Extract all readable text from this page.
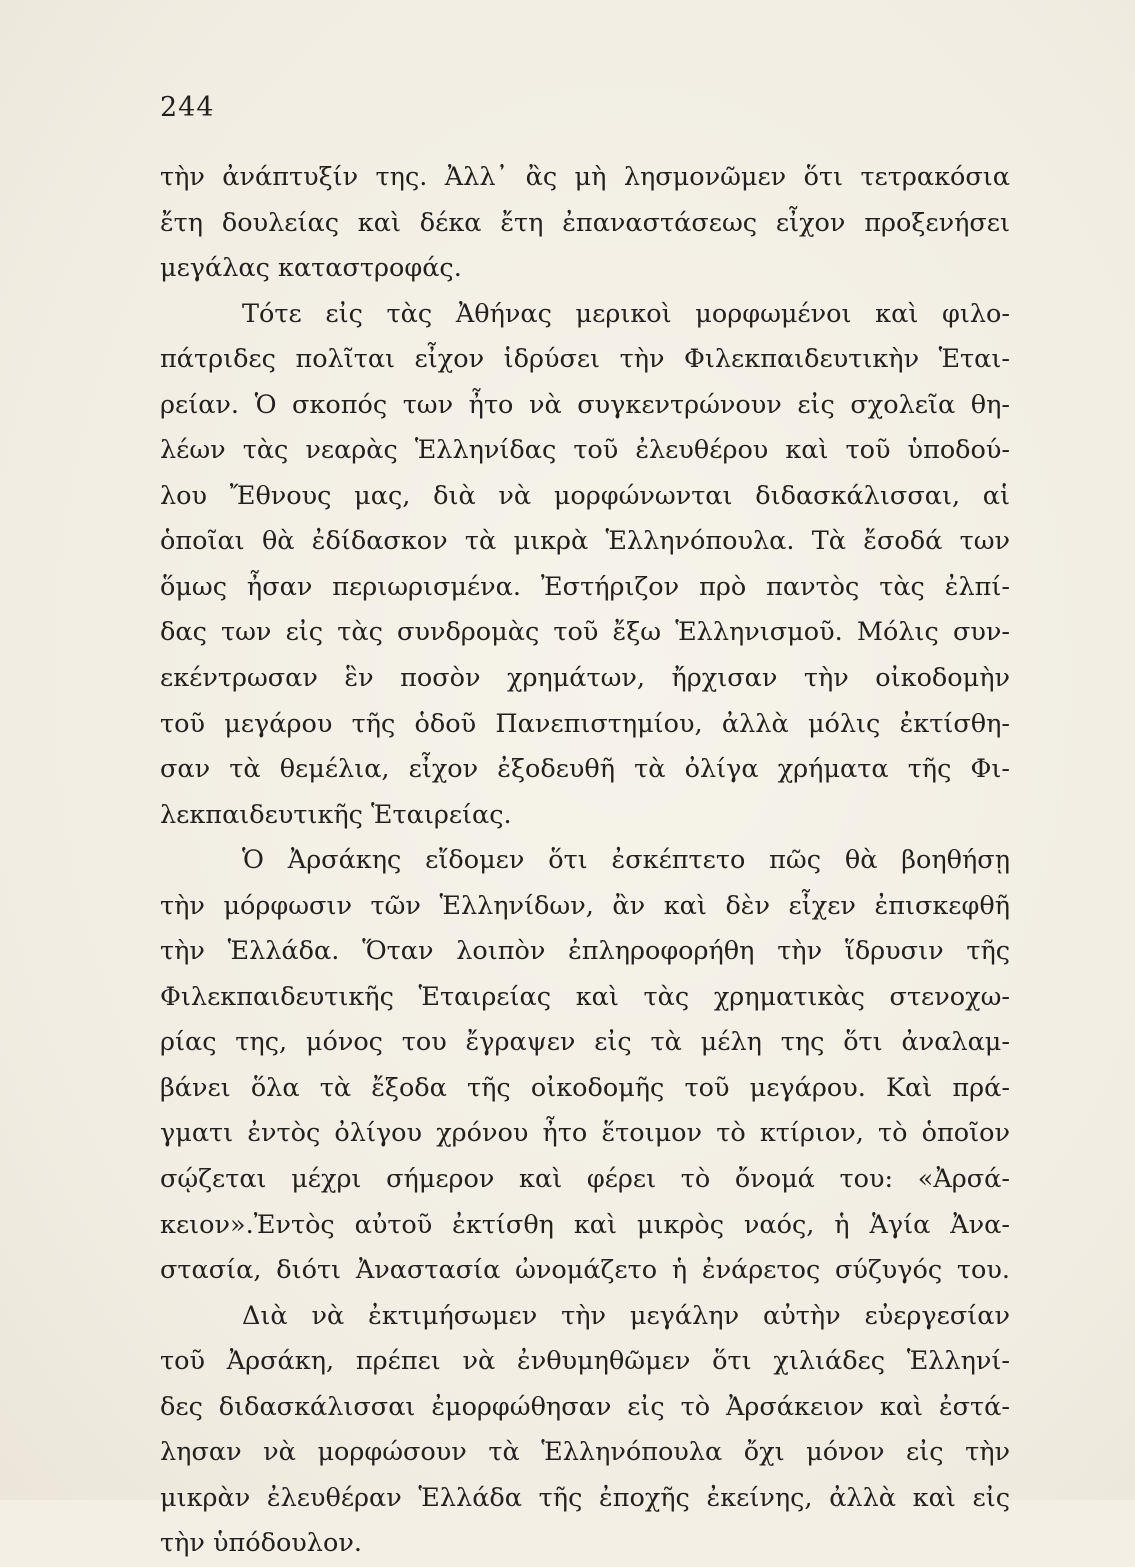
244
τὴν ἀνάπτυξίν της. Ἀλλ᾽ ἂς μὴ λησμονῶμεν ὅτι τετρακόσια
ἔτη δουλείας καὶ δέκα ἔτη ἐπαναστάσεως εἶχον προξενήσει
μεγάλας καταστροφάς.
Τότε εἰς τὰς Ἀθήνας μερικοὶ μορφωμένοι καὶ φιλο-
πάτριδες πολῖται εἶχον ἱδρύσει τὴν Φιλεκπαιδευτικὴν Ἑται-
ρείαν. Ὁ σκοπός των ἦτο νὰ συγκεντρώνουν εἰς σχολεῖα θη-
λέων τὰς νεαρὰς Ἑλληνίδας τοῦ ἐλευθέρου καὶ τοῦ ὑποδού-
λου Ἔθνους μας, διὰ νὰ μορφώνωνται διδασκάλισσαι, αἱ
ὁποῖαι θὰ ἐδίδασκον τὰ μικρὰ Ἑλληνόπουλα. Τὰ ἔσοδά των
ὅμως ἦσαν περιωρισμένα. Ἐστήριζον πρὸ παντὸς τὰς ἐλπί-
δας των εἰς τὰς συνδρομὰς τοῦ ἔξω Ἑλληνισμοῦ. Μόλις συν-
εκέντρωσαν ἓν ποσὸν χρημάτων, ἤρχισαν τὴν οἰκοδομὴν
τοῦ μεγάρου τῆς ὁδοῦ Πανεπιστημίου, ἀλλὰ μόλις ἐκτίσθη-
σαν τὰ θεμέλια, εἶχον ἐξοδευθῆ τὰ ὀλίγα χρήματα τῆς Φι-
λεκπαιδευτικῆς Ἑταιρείας.
Ὁ Ἀρσάκης εἴδομεν ὅτι ἐσκέπτετο πῶς θὰ βοηθήσῃ
τὴν μόρφωσιν τῶν Ἑλληνίδων, ἂν καὶ δὲν εἶχεν ἐπισκεφθῆ
τὴν Ἑλλάδα. Ὅταν λοιπὸν ἐπληροφορήθη τὴν ἵδρυσιν τῆς
Φιλεκπαιδευτικῆς Ἑταιρείας καὶ τὰς χρηματικὰς στενοχω-
ρίας της, μόνος του ἔγραψεν εἰς τὰ μέλη της ὅτι ἀναλαμ-
βάνει ὅλα τὰ ἔξοδα τῆς οἰκοδομῆς τοῦ μεγάρου. Καὶ πρά-
γματι ἐντὸς ὀλίγου χρόνου ἦτο ἕτοιμον τὸ κτίριον, τὸ ὁποῖον
σῴζεται μέχρι σήμερον καὶ φέρει τὸ ὄνομά του: «Ἀρσά-
κειον».Ἐντὸς αὐτοῦ ἐκτίσθη καὶ μικρὸς ναός, ἡ Ἁγία Ἀνα-
στασία, διότι Ἀναστασία ὠνομάζετο ἡ ἐνάρετος σύζυγός του.
Διὰ νὰ ἐκτιμήσωμεν τὴν μεγάλην αὐτὴν εὐεργεσίαν
τοῦ Ἀρσάκη, πρέπει νὰ ἐνθυμηθῶμεν ὅτι χιλιάδες Ἑλληνί-
δες διδασκάλισσαι ἐμορφώθησαν εἰς τὸ Ἀρσάκειον καὶ ἐστά-
λησαν νὰ μορφώσουν τὰ Ἑλληνόπουλα ὄχι μόνον εἰς τὴν
μικρὰν ἐλευθέραν Ἑλλάδα τῆς ἐποχῆς ἐκείνης, ἀλλὰ καὶ εἰς
τὴν ὑπόδουλον.
